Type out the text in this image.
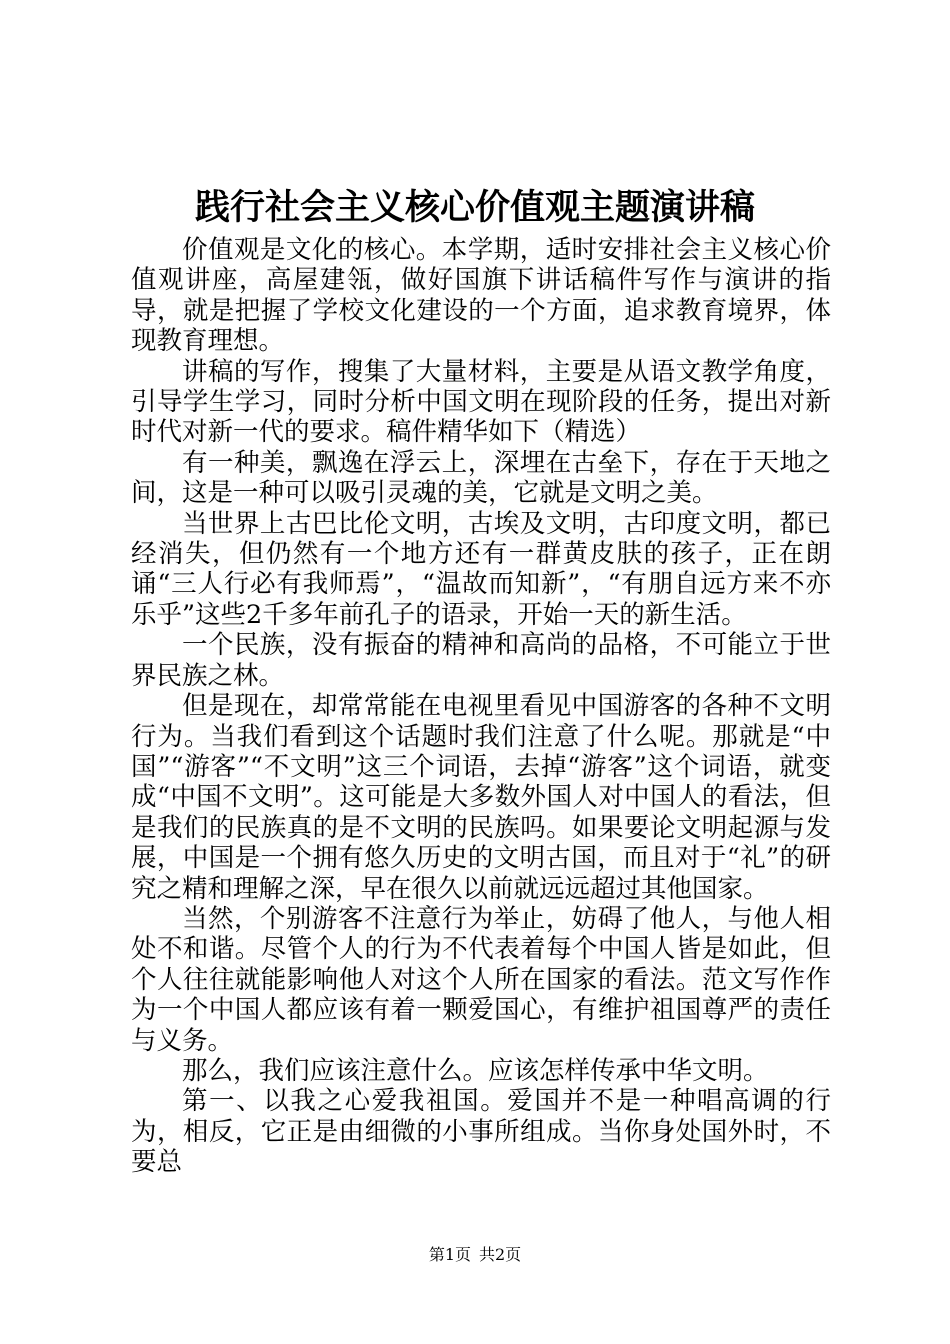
践行社会主义核心价值观主题演讲稿

价值观是文化的核心。本学期，适时安排社会主义核心价值观讲座，高屋建瓴，做好国旗下讲话稿件写作与演讲的指导，就是把握了学校文化建设的一个方面，追求教育境界，体现教育理想。

讲稿的写作，搜集了大量材料，主要是从语文教学角度，引导学生学习，同时分析中国文明在现阶段的任务，提出对新时代对新一代的要求。稿件精华如下（精选）

有一种美，飘逸在浮云上，深埋在古垒下，存在于天地之间，这是一种可以吸引灵魂的美，它就是文明之美。

当世界上古巴比伦文明，古埃及文明，古印度文明，都已经消失，但仍然有一个地方还有一群黄皮肤的孩子，正在朗诵“三人行必有我师焉”，“温故而知新”，“有朋自远方来不亦乐乎”这些2千多年前孔子的语录，开始一天的新生活。

一个民族，没有振奋的精神和高尚的品格，不可能立于世界民族之林。

但是现在，却常常能在电视里看见中国游客的各种不文明行为。当我们看到这个话题时我们注意了什么呢。那就是“中国”“游客”“不文明”这三个词语，去掉“游客”这个词语，就变成“中国不文明”。这可能是大多数外国人对中国人的看法，但是我们的民族真的是不文明的民族吗。如果要论文明起源与发展，中国是一个拥有悠久历史的文明古国，而且对于“礼”的研究之精和理解之深，早在很久以前就远远超过其他国家。

当然，个别游客不注意行为举止，妨碍了他人，与他人相处不和谐。尽管个人的行为不代表着每个中国人皆是如此，但个人往往就能影响他人对这个人所在国家的看法。范文写作作为一个中国人都应该有着一颗爱国心，有维护祖国尊严的责任与义务。

那么，我们应该注意什么。应该怎样传承中华文明。

第一、以我之心爱我祖国。爱国并不是一种唱高调的行为，相反，它正是由细微的小事所组成。当你身处国外时，不要总

第1页 共2页
